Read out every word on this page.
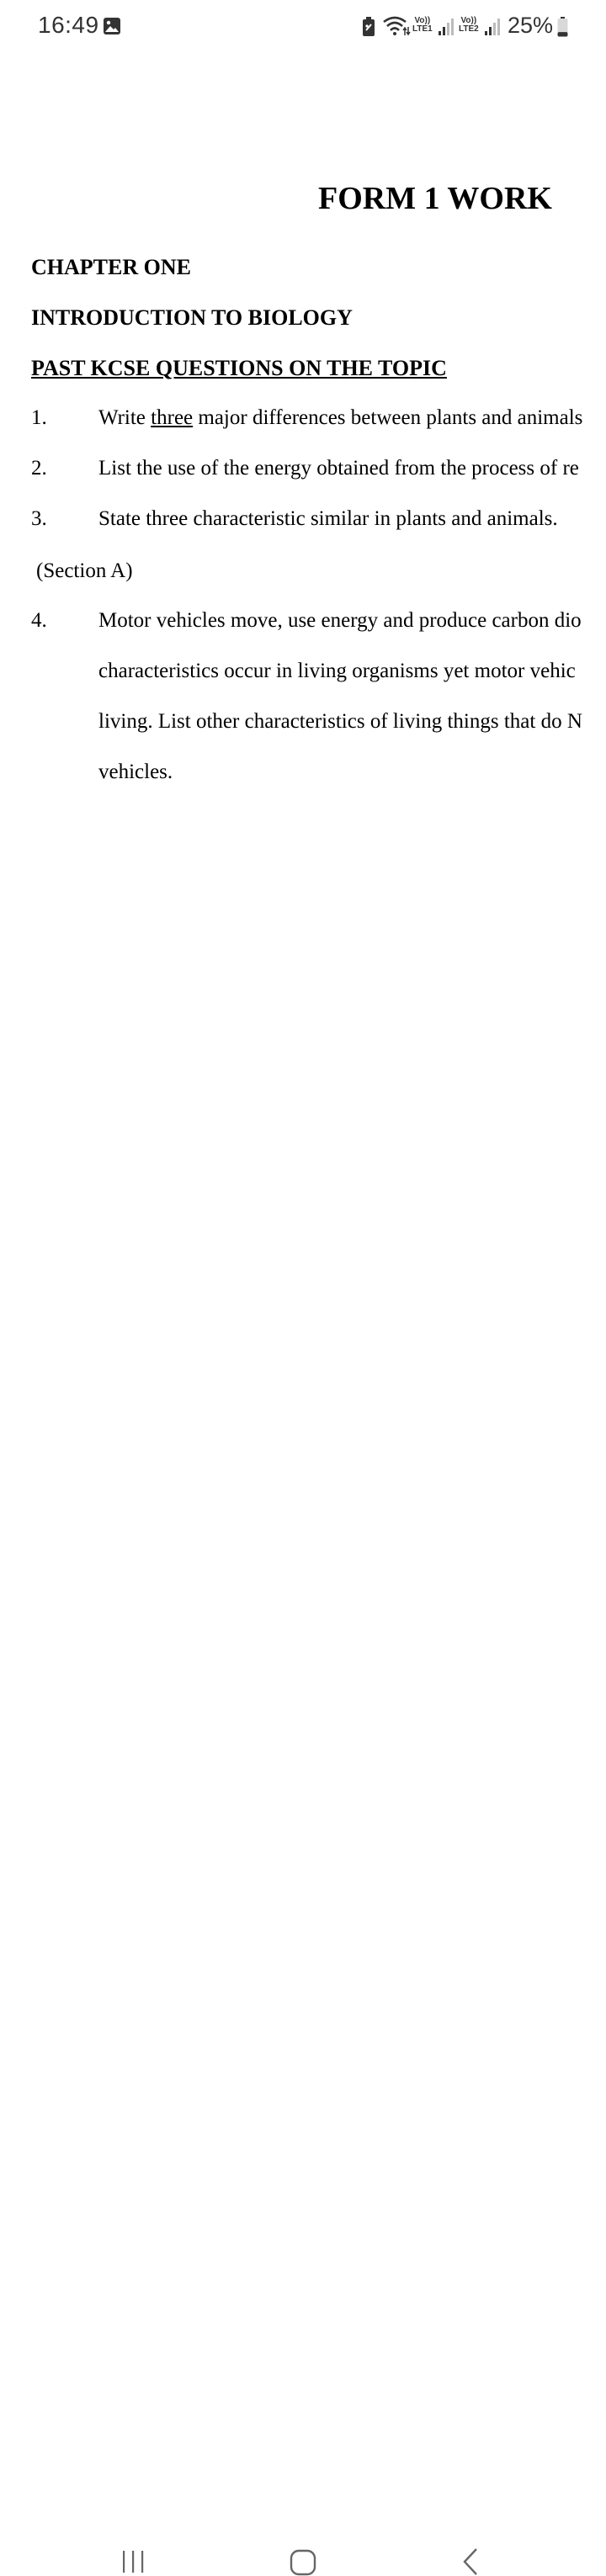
16:49	Vo))
LTE1
Vo))
LTE2 25%
FORM 1 WORK
CHAPTER ONE
INTRODUCTION TO BIOLOGY
PAST KCSE QUESTIONS ON THE TOPIC
1. Write three major differences between plants and animals
2. List the use of the energy obtained from the process of re
3. State three characteristic similar in plants and animals.
(Section A)
4. Motor vehicles move, use energy and produce carbon dio
characteristics occur in living organisms yet motor vehic
living. List other characteristics of living things that do N
vehicles.
